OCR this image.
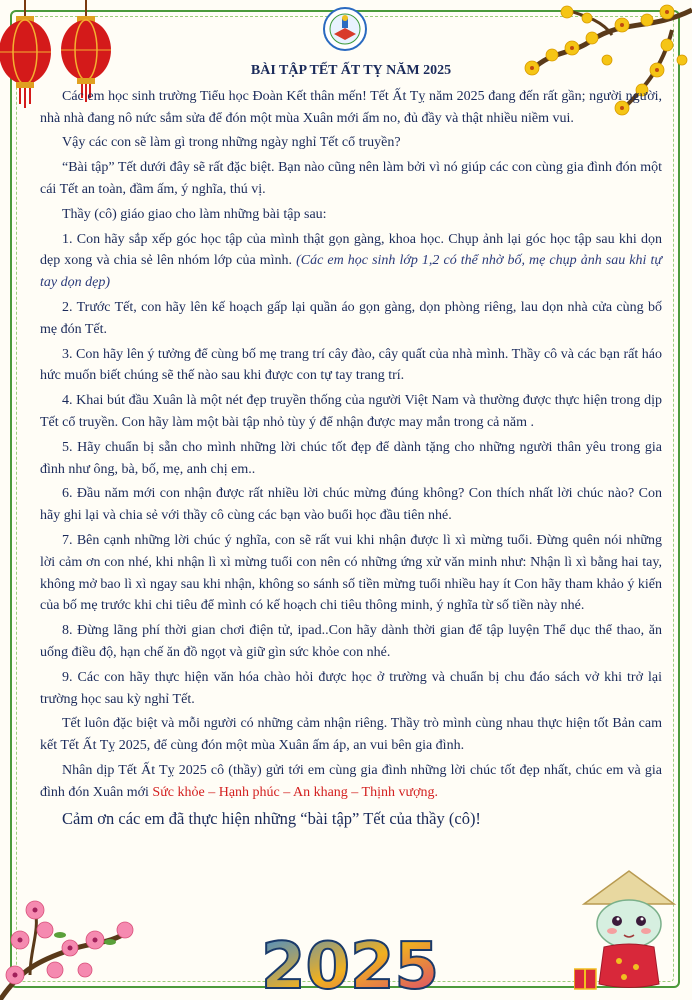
BÀI TẬP TẾT ẤT TỴ NĂM 2025

Các em học sinh trường Tiểu học Đoàn Kết thân mến! Tết Ất Tỵ năm 2025 đang đến rất gần; người người, nhà nhà đang nô nức sắm sửa để đón một mùa Xuân mới ấm no, đủ đầy và thật nhiều niềm vui.

Vậy các con sẽ làm gì trong những ngày nghỉ Tết cổ truyền?

“Bài tập” Tết dưới đây sẽ rất đặc biệt. Bạn nào cũng nên làm bởi vì nó giúp các con cùng gia đình đón một cái Tết an toàn, đầm ấm, ý nghĩa, thú vị.

Thầy (cô) giáo giao cho làm những bài tập sau:

1. Con hãy sắp xếp góc học tập của mình thật gọn gàng, khoa học. Chụp ảnh lại góc học tập sau khi dọn dẹp xong và chia sẻ lên nhóm lớp của mình. (Các em học sinh lớp 1,2 có thể nhờ bố, mẹ chụp ảnh sau khi tự tay dọn dẹp)

2. Trước Tết, con hãy lên kế hoạch gấp lại quần áo gọn gàng, dọn phòng riêng, lau dọn nhà cửa cùng bố mẹ đón Tết.

3. Con hãy lên ý tưởng để cùng bố mẹ trang trí cây đào, cây quất của nhà mình. Thầy cô và các bạn rất háo hức muốn biết chúng sẽ thế nào sau khi được con tự tay trang trí.

4. Khai bút đầu Xuân là một nét đẹp truyền thống của người Việt Nam và thường được thực hiện trong dịp Tết cổ truyền. Con hãy làm một bài tập nhỏ tùy ý để nhận được may mắn trong cả năm .

5. Hãy chuẩn bị sẵn cho mình những lời chúc tốt đẹp để dành tặng cho những người thân yêu trong gia đình như ông, bà, bố, mẹ, anh chị em..

6. Đầu năm mới con nhận được rất nhiều lời chúc mừng đúng không? Con thích nhất lời chúc nào? Con hãy ghi lại và chia sẻ với thầy cô cùng các bạn vào buổi học đầu tiên nhé.

7. Bên cạnh những lời chúc ý nghĩa, con sẽ rất vui khi nhận được lì xì mừng tuổi. Đừng quên nói những lời cảm ơn con nhé, khi nhận lì xì mừng tuổi con nên có những ứng xử văn minh như: Nhận lì xì bằng hai tay, không mở bao lì xì ngay sau khi nhận, không so sánh số tiền mừng tuổi nhiều hay ít Con hãy tham khảo ý kiến của bố mẹ trước khi chi tiêu để mình có kế hoạch chi tiêu thông minh, ý nghĩa từ số tiền này nhé.

8. Đừng lãng phí thời gian chơi điện tử, ipad..Con hãy dành thời gian để tập luyện Thể dục thể thao, ăn uống điều độ, hạn chế ăn đồ ngọt và giữ gìn sức khỏe con nhé.

9. Các con hãy thực hiện văn hóa chào hỏi được học ở trường và chuẩn bị chu đáo sách vở khi trở lại trường học sau kỳ nghỉ Tết.

Tết luôn đặc biệt và mỗi người có những cảm nhận riêng. Thầy trò mình cùng nhau thực hiện tốt Bản cam kết Tết Ất Tỵ 2025, để cùng đón một mùa Xuân ấm áp, an vui bên gia đình.

Nhân dịp Tết Ất Tỵ 2025 cô (thầy) gửi tới em cùng gia đình những lời chúc tốt đẹp nhất, chúc em và gia đình đón Xuân mới Sức khỏe – Hạnh phúc – An khang – Thịnh vượng.

Cảm ơn các em đã thực hiện những “bài tập” Tết của thầy (cô)!

2025
